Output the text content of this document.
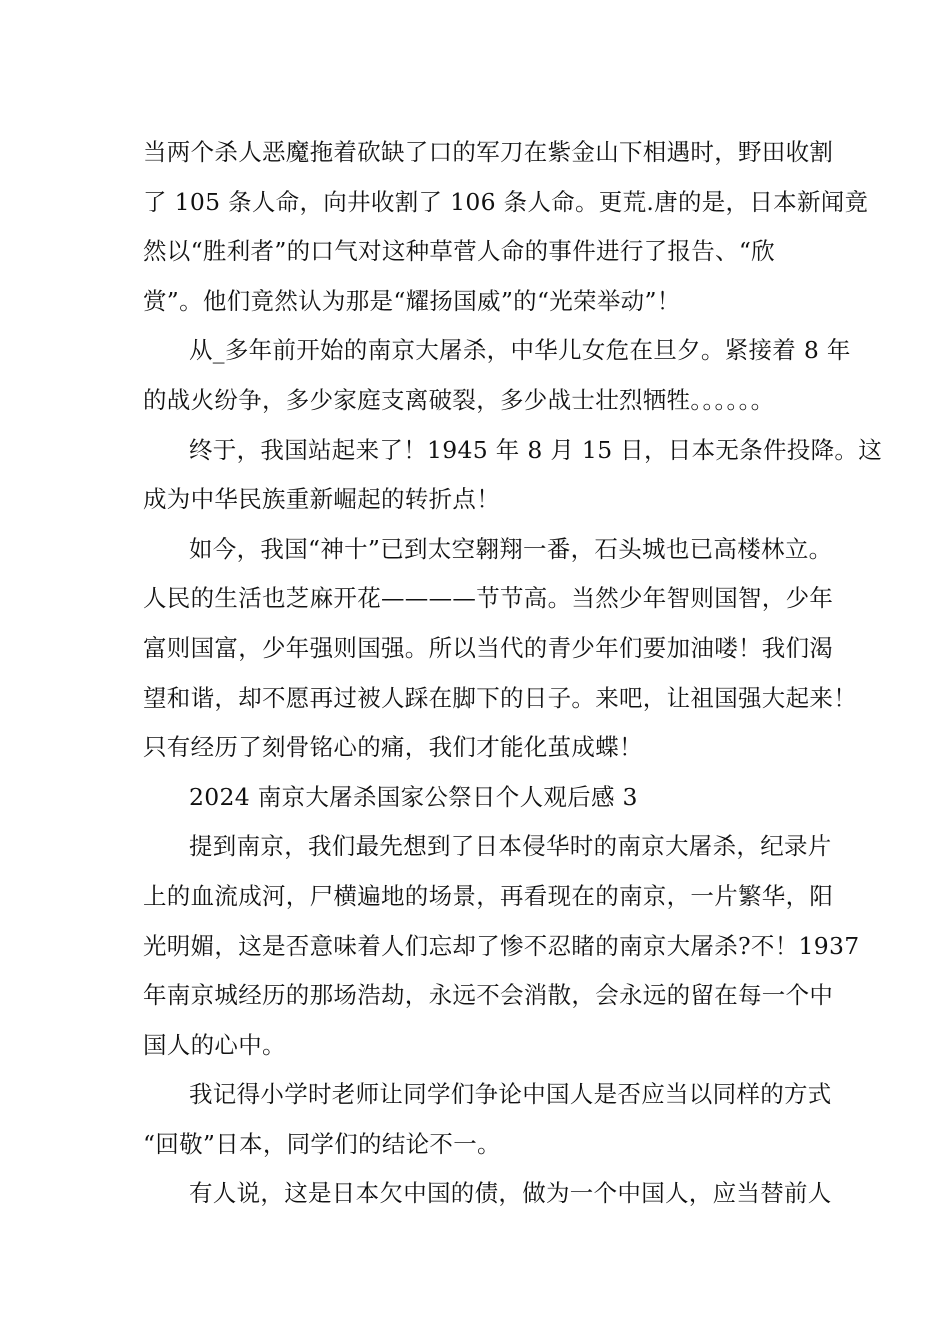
当两个杀人恶魔拖着砍缺了口的军刀在紫金山下相遇时，野田收割
了 105 条人命，向井收割了 106 条人命。更荒.唐的是，日本新闻竟
然以“胜利者”的口气对这种草菅人命的事件进行了报告、“欣
赏”。他们竟然认为那是“耀扬国威”的“光荣举动”！
从_多年前开始的南京大屠杀，中华儿女危在旦夕。紧接着 8 年
的战火纷争，多少家庭支离破裂，多少战士壮烈牺牲。。。。。。
终于，我国站起来了！1945 年 8 月 15 日，日本无条件投降。这
成为中华民族重新崛起的转折点！
如今，我国“神十”已到太空翱翔一番，石头城也已高楼林立。
人民的生活也芝麻开花————节节高。当然少年智则国智，少年
富则国富，少年强则国强。所以当代的青少年们要加油喽！我们渴
望和谐，却不愿再过被人踩在脚下的日子。来吧，让祖国强大起来！
只有经历了刻骨铭心的痛，我们才能化茧成蝶！
2024 南京大屠杀国家公祭日个人观后感 3
提到南京，我们最先想到了日本侵华时的南京大屠杀，纪录片
上的血流成河，尸横遍地的场景，再看现在的南京，一片繁华，阳
光明媚，这是否意味着人们忘却了惨不忍睹的南京大屠杀?不！1937
年南京城经历的那场浩劫，永远不会消散，会永远的留在每一个中
国人的心中。
我记得小学时老师让同学们争论中国人是否应当以同样的方式
“回敬”日本，同学们的结论不一。
有人说，这是日本欠中国的债，做为一个中国人，应当替前人
